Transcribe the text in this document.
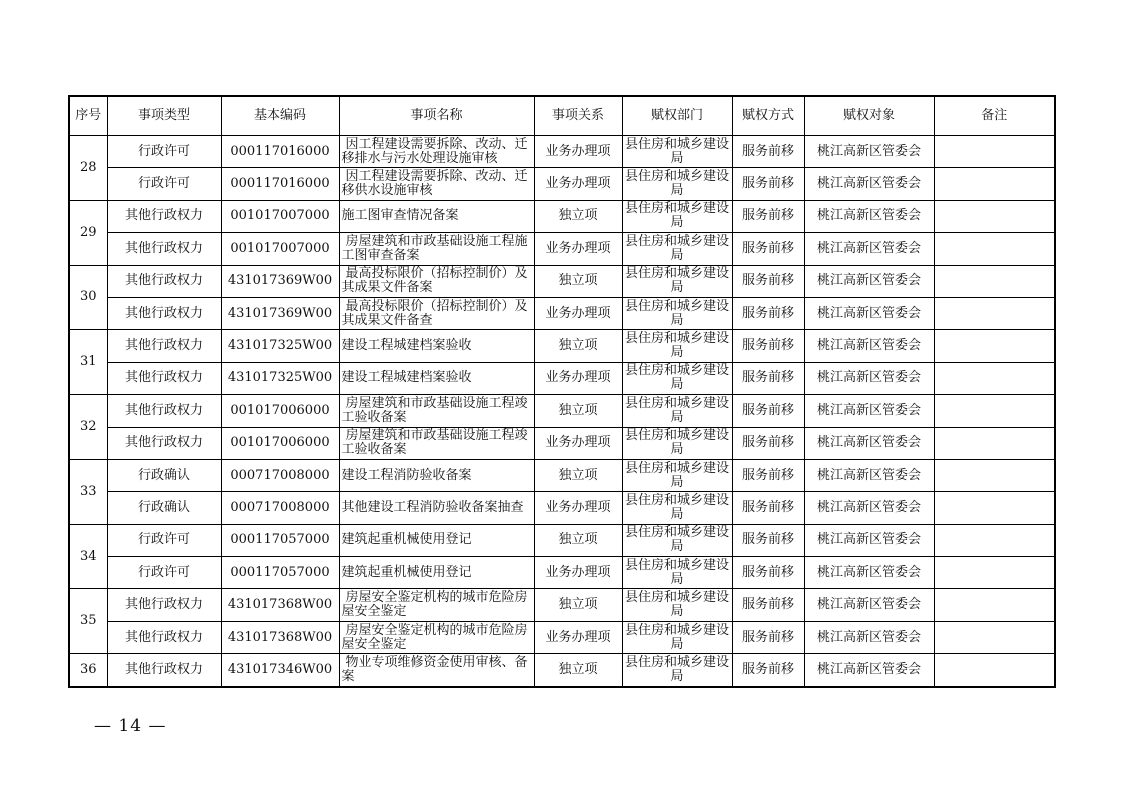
序号	事项类型	基本编码	事项名称	事项关系	赋权部门	赋权方式	赋权对象	备注
28	行政许可	000117016000	因工程建设需要拆除、改动、迁移排水与污水处理设施审核	业务办理项	县住房和城乡建设局	服务前移	桃江高新区管委会	
	行政许可	000117016000	因工程建设需要拆除、改动、迁移供水设施审核	业务办理项	县住房和城乡建设局	服务前移	桃江高新区管委会	
29	其他行政权力	001017007000	施工图审查情况备案	独立项	县住房和城乡建设局	服务前移	桃江高新区管委会	
	其他行政权力	001017007000	房屋建筑和市政基础设施工程施工图审查备案	业务办理项	县住房和城乡建设局	服务前移	桃江高新区管委会	
30	其他行政权力	431017369W00	最高投标限价（招标控制价）及其成果文件备案	独立项	县住房和城乡建设局	服务前移	桃江高新区管委会	
	其他行政权力	431017369W00	最高投标限价（招标控制价）及其成果文件备查	业务办理项	县住房和城乡建设局	服务前移	桃江高新区管委会	
31	其他行政权力	431017325W00	建设工程城建档案验收	独立项	县住房和城乡建设局	服务前移	桃江高新区管委会	
	其他行政权力	431017325W00	建设工程城建档案验收	业务办理项	县住房和城乡建设局	服务前移	桃江高新区管委会	
32	其他行政权力	001017006000	房屋建筑和市政基础设施工程竣工验收备案	独立项	县住房和城乡建设局	服务前移	桃江高新区管委会	
	其他行政权力	001017006000	房屋建筑和市政基础设施工程竣工验收备案	业务办理项	县住房和城乡建设局	服务前移	桃江高新区管委会	
33	行政确认	000717008000	建设工程消防验收备案	独立项	县住房和城乡建设局	服务前移	桃江高新区管委会	
	行政确认	000717008000	其他建设工程消防验收备案抽查	业务办理项	县住房和城乡建设局	服务前移	桃江高新区管委会	
34	行政许可	000117057000	建筑起重机械使用登记	独立项	县住房和城乡建设局	服务前移	桃江高新区管委会	
	行政许可	000117057000	建筑起重机械使用登记	业务办理项	县住房和城乡建设局	服务前移	桃江高新区管委会	
35	其他行政权力	431017368W00	房屋安全鉴定机构的城市危险房屋安全鉴定	独立项	县住房和城乡建设局	服务前移	桃江高新区管委会	
	其他行政权力	431017368W00	房屋安全鉴定机构的城市危险房屋安全鉴定	业务办理项	县住房和城乡建设局	服务前移	桃江高新区管委会	
36	其他行政权力	431017346W00	物业专项维修资金使用审核、备案	独立项	县住房和城乡建设局	服务前移	桃江高新区管委会	
— 14 —
